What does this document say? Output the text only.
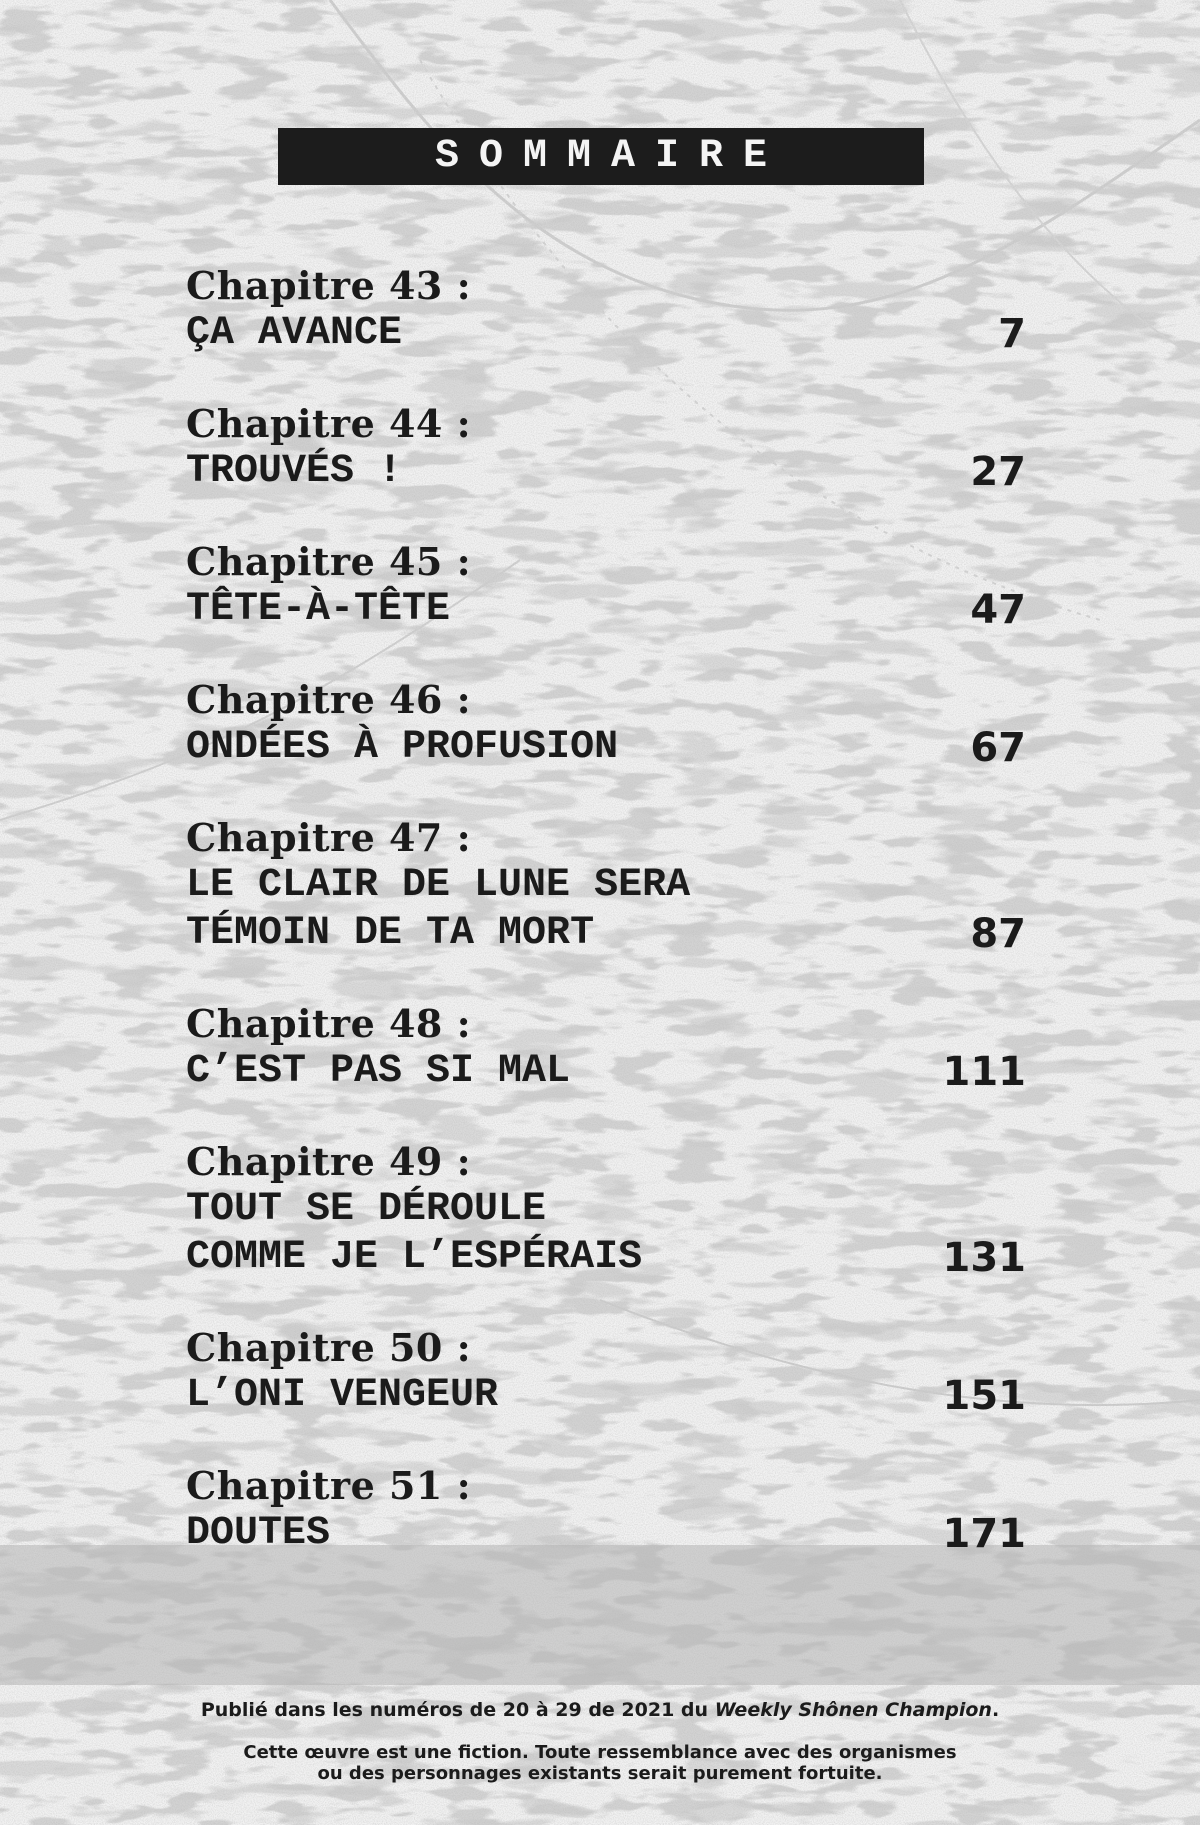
SOMMAIRE
Chapitre 43 :
ÇA AVANCE	7
Chapitre 44 :
TROUVÉS !	27
Chapitre 45 :
TÊTE-À-TÊTE	47
Chapitre 46 :
ONDÉES À PROFUSION	67
Chapitre 47 :
LE CLAIR DE LUNE SERA
TÉMOIN DE TA MORT	87
Chapitre 48 :
C’EST PAS SI MAL	111
Chapitre 49 :
TOUT SE DÉROULE
COMME JE L’ESPÉRAIS	131
Chapitre 50 :
L’ONI VENGEUR	151
Chapitre 51 :
DOUTES	171
Publié dans les numéros de 20 à 29 de 2021 du Weekly Shônen Champion.
Cette œuvre est une fiction. Toute ressemblance avec des organismes
ou des personnages existants serait purement fortuite.
